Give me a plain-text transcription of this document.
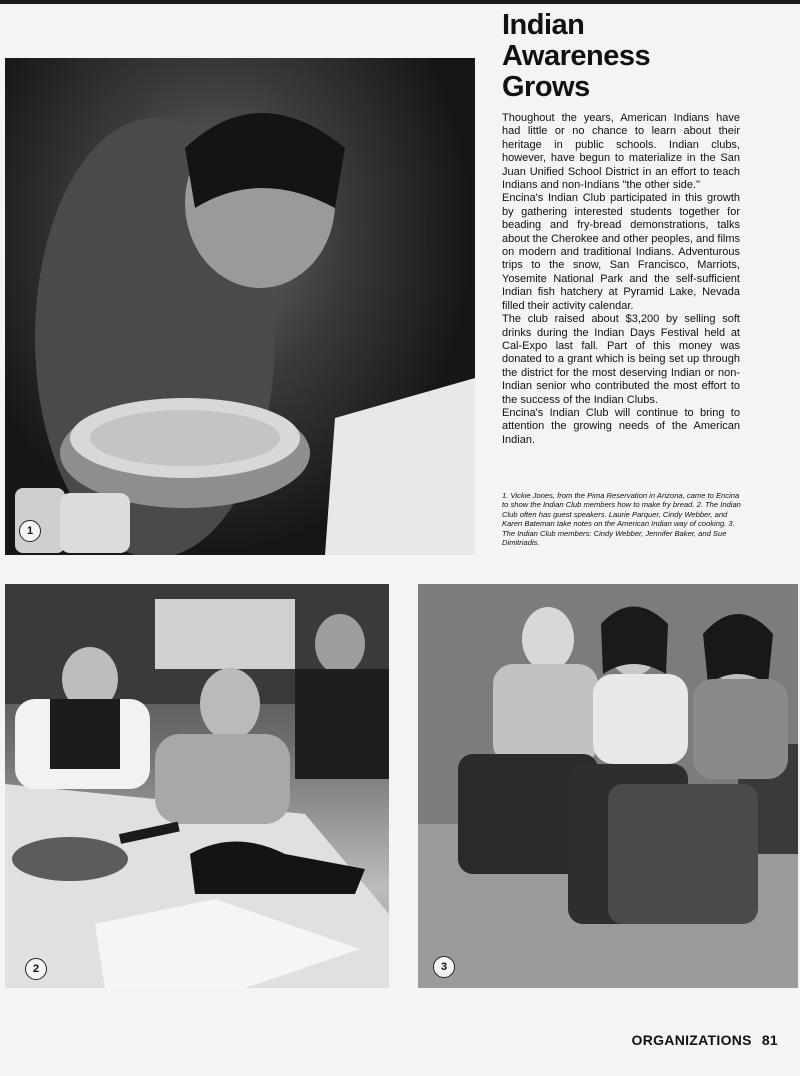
1
2	3
Indian
Awareness
Grows

Thoughout the years, American Indians have had little or no chance to learn about their heritage in public schools. Indian clubs, however, have begun to materialize in the San Juan Unified School District in an effort to teach Indians and non-Indians "the other side."

Encina's Indian Club participated in this growth by gathering interested students together for beading and fry-bread demonstrations, talks about the Cherokee and other peoples, and films on modern and traditional Indians. Adventurous trips to the snow, San Francisco, Marriots, Yosemite National Park and the self-sufficient Indian fish hatchery at Pyramid Lake, Nevada filled their activity calendar.

The club raised about $3,200 by selling soft drinks during the Indian Days Festival held at Cal-Expo last fall. Part of this money was donated to a grant which is being set up through the district for the most deserving Indian or non-Indian senior who contributed the most effort to the success of the Indian Clubs.

Encina's Indian Club will continue to bring to attention the growing needs of the American Indian.

1. Vickie Jones, from the Pima Reservation in Arizona, came to Encina to show the Indian Club members how to make fry bread. 2. The Indian Club often has guest speakers. Laurie Parquer, Cindy Webber, and Karen Bateman take notes on the American Indian way of cooking. 3. The Indian Club members: Cindy Webber, Jennifer Baker, and Sue Dimitriadis.

ORGANIZATIONS 81
